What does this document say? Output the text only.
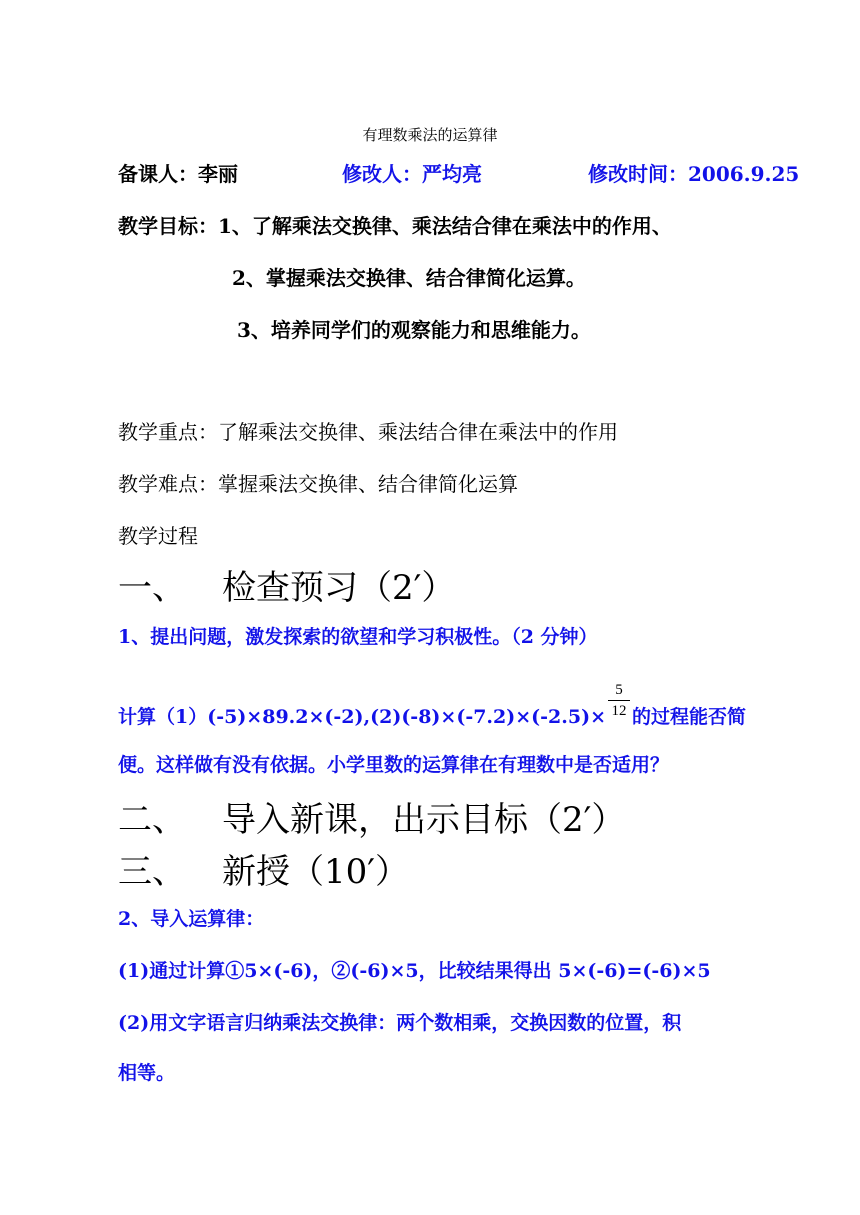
有理数乘法的运算律
备课人：李丽	修改人：严均亮	修改时间：2006.9.25
教学目标：1、了解乘法交换律、乘法结合律在乘法中的作用、
2、掌握乘法交换律、结合律简化运算。
3、培养同学们的观察能力和思维能力。
教学重点：了解乘法交换律、乘法结合律在乘法中的作用
教学难点：掌握乘法交换律、结合律简化运算
教学过程
一、 检查预习（2′）
1、提出问题，激发探索的欲望和学习积极性。（2 分钟）
计算$(1)(-5)\times 89.2\times(-2),(2)(-8)\times(-7.2)\times(-2.5)\times \frac{5}{12}$ 的过程能否简
便。这样做有没有依据。小学里数的运算律在有理数中是否适用？
二、 导入新课，出示目标（2′）
三、 新授（10′）
2、导入运算律：
(1)通过计算①5×(-6)，②(-6)×5，比较结果得出 5×(-6)=(-6)×5
(2)用文字语言归纳乘法交换律：两个数相乘，交换因数的位置，积
相等。
